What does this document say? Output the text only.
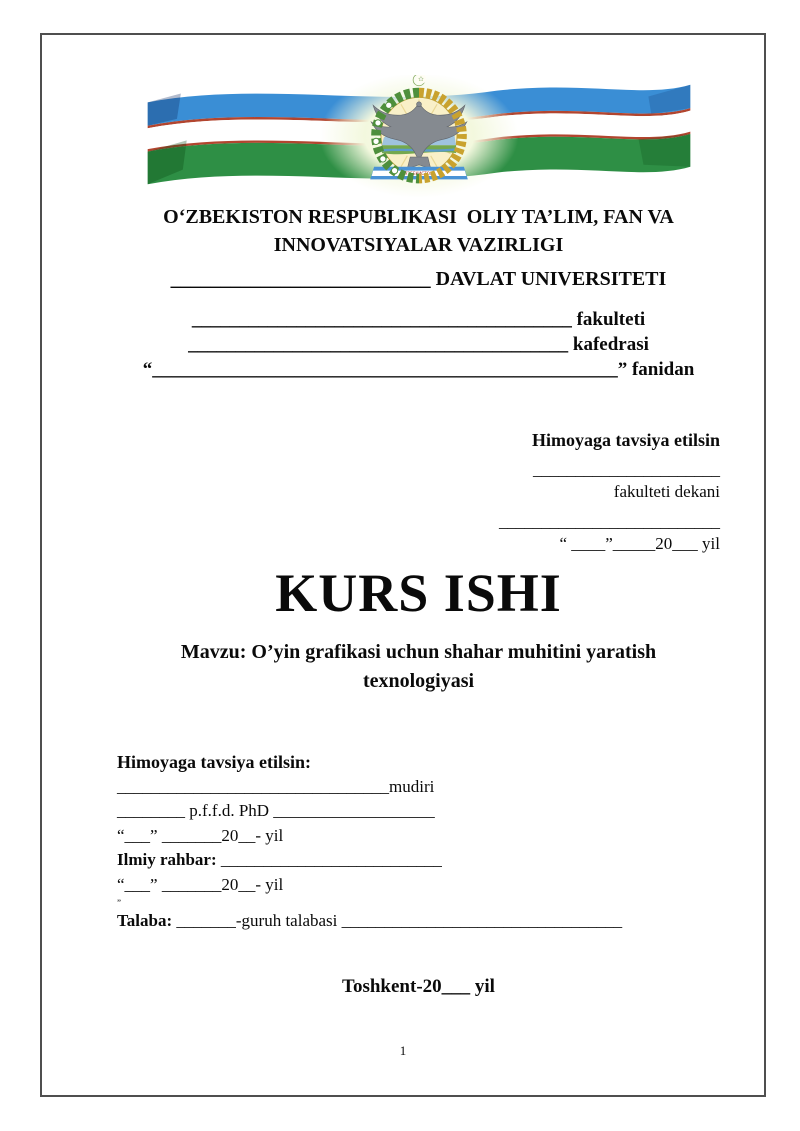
ЎЗБЕКИСТОН
O‘ZBEKISTON RESPUBLIKASI  OLIY TA’LIM, FAN VA
INNOVATSIYALAR VAZIRLIGI
__________________________ DAVLAT UNIVERSITETI
________________________________________ fakulteti
________________________________________ kafedrasi
“_________________________________________________” fanidan
Himoyaga tavsiya etilsin
______________________
fakulteti dekani
__________________________
“ ____”_____20___ yil
KURS ISHI
Mavzu: O’yin grafikasi uchun shahar muhitini yaratish
texnologiyasi
Himoyaga tavsiya etilsin:
________________________________mudiri
________ p.f.f.d. PhD ___________________
“___” _______20__- yil
Ilmiy rahbar: __________________________
“___” _______20__- yil
”
Talaba: _______-guruh talabasi _________________________________
Toshkent-20___ yil
1
